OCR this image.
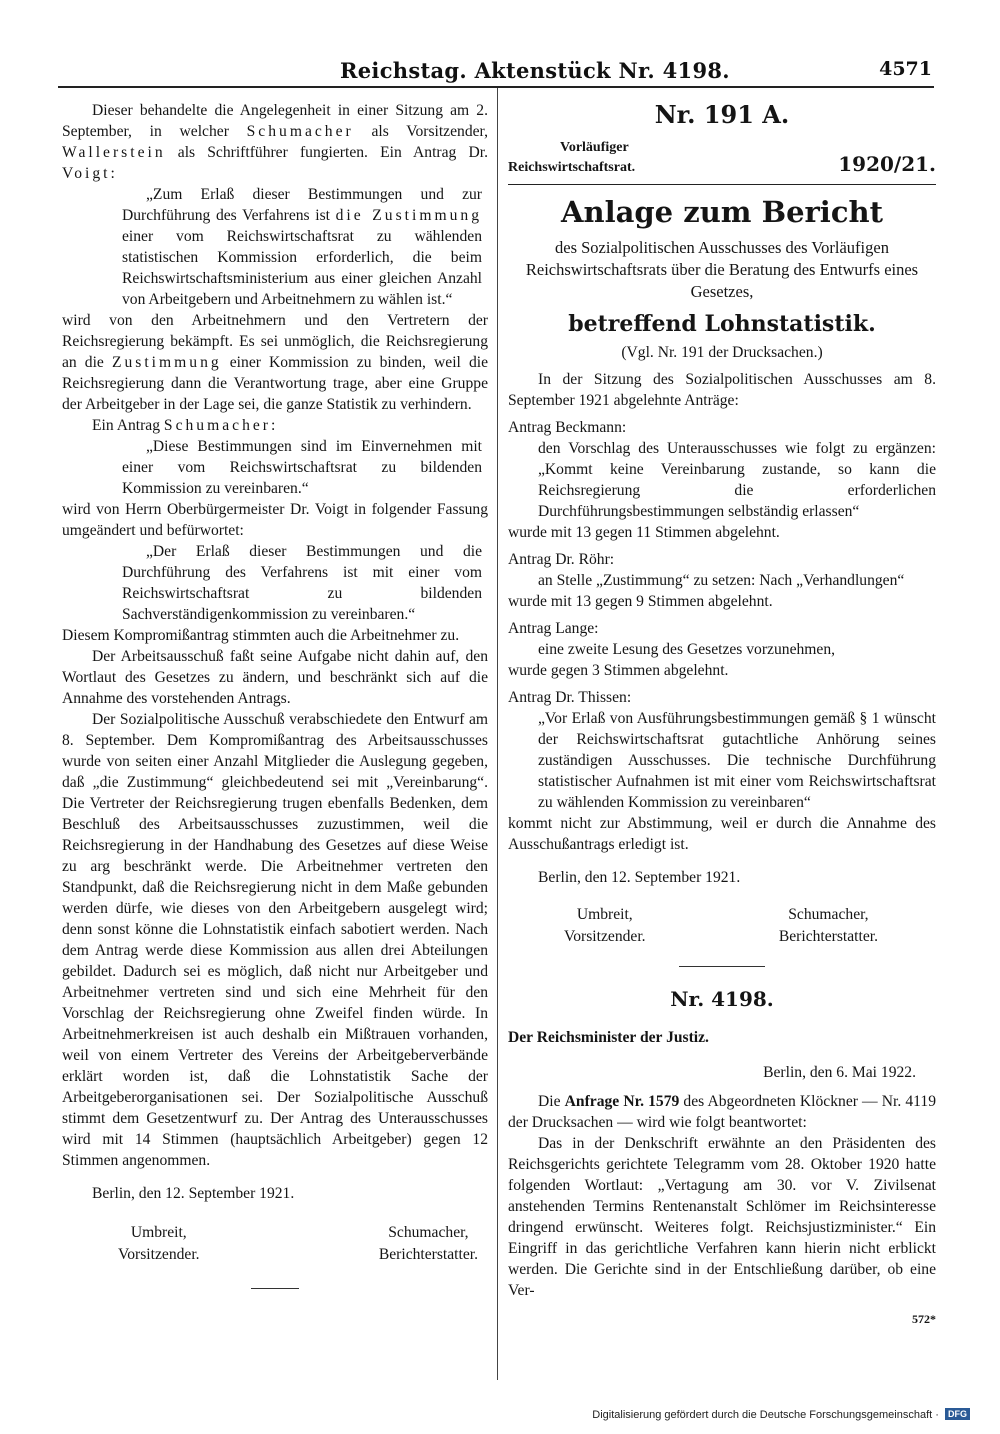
Reichstag. Aktenstück Nr. 4198.	4571

Dieser behandelte die Angelegenheit in einer Sitzung am 2. September, in welcher Schumacher als Vorsitzender, Wallerstein als Schriftführer fungierten. Ein Antrag Dr. Voigt:

„Zum Erlaß dieser Bestimmungen und zur Durchführung des Verfahrens ist die Zustimmung einer vom Reichswirtschaftsrat zu wählenden statistischen Kommission erforderlich, die beim Reichswirtschaftsministerium aus einer gleichen Anzahl von Arbeitgebern und Arbeitnehmern zu wählen ist.“

wird von den Arbeitnehmern und den Vertretern der Reichsregierung bekämpft. Es sei unmöglich, die Reichsregierung an die Zustimmung einer Kommission zu binden, weil die Reichsregierung dann die Verantwortung trage, aber eine Gruppe der Arbeitgeber in der Lage sei, die ganze Statistik zu verhindern.

Ein Antrag Schumacher:

„Diese Bestimmungen sind im Einvernehmen mit einer vom Reichswirtschaftsrat zu bildenden Kommission zu vereinbaren.“

wird von Herrn Oberbürgermeister Dr. Voigt in folgender Fassung umgeändert und befürwortet:

„Der Erlaß dieser Bestimmungen und die Durchführung des Verfahrens ist mit einer vom Reichswirtschaftsrat zu bildenden Sachverständigenkommission zu vereinbaren.“

Diesem Kompromißantrag stimmten auch die Arbeitnehmer zu.

Der Arbeitsausschuß faßt seine Aufgabe nicht dahin auf, den Wortlaut des Gesetzes zu ändern, und beschränkt sich auf die Annahme des vorstehenden Antrags.

Der Sozialpolitische Ausschuß verabschiedete den Entwurf am 8. September. Dem Kompromißantrag des Arbeitsausschusses wurde von seiten einer Anzahl Mitglieder die Auslegung gegeben, daß „die Zustimmung“ gleichbedeutend sei mit „Vereinbarung“. Die Vertreter der Reichsregierung trugen ebenfalls Bedenken, dem Beschluß des Arbeitsausschusses zuzustimmen, weil die Reichsregierung in der Handhabung des Gesetzes auf diese Weise zu arg beschränkt werde. Die Arbeitnehmer vertreten den Standpunkt, daß die Reichsregierung nicht in dem Maße gebunden werden dürfe, wie dieses von den Arbeitgebern ausgelegt wird; denn sonst könne die Lohnstatistik einfach sabotiert werden. Nach dem Antrag werde diese Kommission aus allen drei Abteilungen gebildet. Dadurch sei es möglich, daß nicht nur Arbeitgeber und Arbeitnehmer vertreten sind und sich eine Mehrheit für den Vorschlag der Reichsregierung ohne Zweifel finden würde. In Arbeitnehmerkreisen ist auch deshalb ein Mißtrauen vorhanden, weil von einem Vertreter des Vereins der Arbeitgeberverbände erklärt worden ist, daß die Lohnstatistik Sache der Arbeitgeberorganisationen sei. Der Sozialpolitische Ausschuß stimmt dem Gesetzentwurf zu. Der Antrag des Unterausschusses wird mit 14 Stimmen (hauptsächlich Arbeitgeber) gegen 12 Stimmen angenommen.

Berlin, den 12. September 1921.

Umbreit,
Vorsitzender.
Schumacher,
Berichterstatter.
Nr. 191 A.
Vorläufiger
Reichswirtschaftsrat.	1920/21.
Anlage zum Bericht

des Sozialpolitischen Ausschusses des Vorläufigen Reichswirtschaftsrats über die Beratung des Entwurfs eines Gesetzes,

betreffend Lohnstatistik.

(Vgl. Nr. 191 der Drucksachen.)

In der Sitzung des Sozialpolitischen Ausschusses am 8. September 1921 abgelehnte Anträge:

Antrag Beckmann:

den Vorschlag des Unterausschusses wie folgt zu ergänzen: „Kommt keine Vereinbarung zustande, so kann die Reichsregierung die erforderlichen Durchführungsbestimmungen selbständig erlassen“

wurde mit 13 gegen 11 Stimmen abgelehnt.

Antrag Dr. Röhr:

an Stelle „Zustimmung“ zu setzen: Nach „Verhandlungen“

wurde mit 13 gegen 9 Stimmen abgelehnt.

Antrag Lange:

eine zweite Lesung des Gesetzes vorzunehmen,

wurde gegen 3 Stimmen abgelehnt.

Antrag Dr. Thissen:

„Vor Erlaß von Ausführungsbestimmungen gemäß § 1 wünscht der Reichswirtschaftsrat gutachtliche Anhörung seines zuständigen Ausschusses. Die technische Durchführung statistischer Aufnahmen ist mit einer vom Reichswirtschaftsrat zu wählenden Kommission zu vereinbaren“

kommt nicht zur Abstimmung, weil er durch die Annahme des Ausschußantrags erledigt ist.

Berlin, den 12. September 1921.

Umbreit,
Vorsitzender.
Schumacher,
Berichterstatter.
Nr. 4198.

Der Reichsminister der Justiz.

Berlin, den 6. Mai 1922.

Die Anfrage Nr. 1579 des Abgeordneten Klöckner — Nr. 4119 der Drucksachen — wird wie folgt beantwortet:

Das in der Denkschrift erwähnte an den Präsidenten des Reichsgerichts gerichtete Telegramm vom 28. Oktober 1920 hatte folgenden Wortlaut: „Vertagung am 30. vor V. Zivilsenat anstehenden Termins Rentenanstalt Schlömer im Reichsinteresse dringend erwünscht. Weiteres folgt. Reichsjustizminister.“ Ein Eingriff in das gerichtliche Verfahren kann hierin nicht erblickt werden. Die Gerichte sind in der Entschließung darüber, ob eine Ver-

572*
Digitalisierung gefördert durch die Deutsche Forschungsgemeinschaft · DFG
